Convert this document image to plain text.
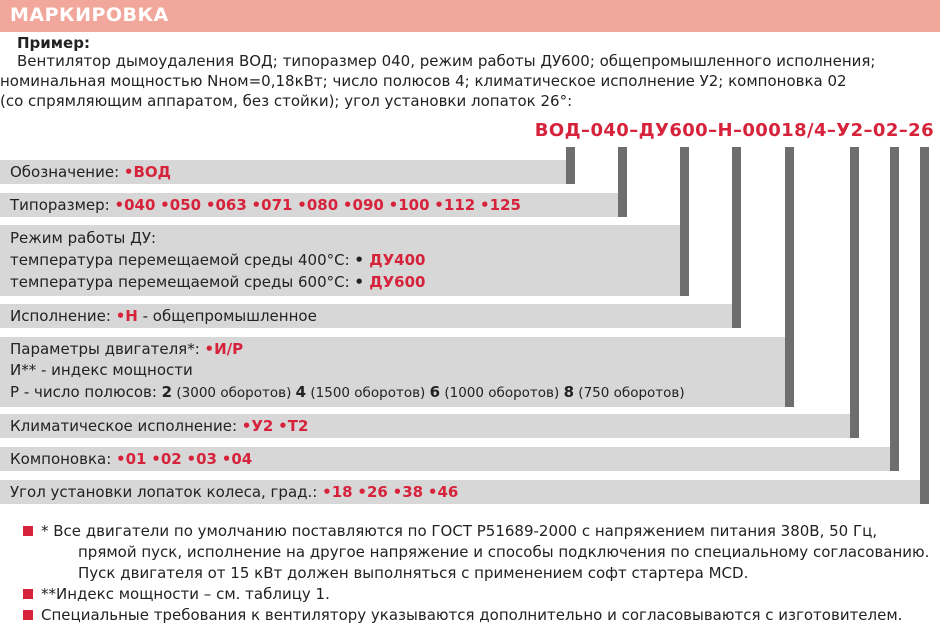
МАРКИРОВКА
Пример:

Вентилятор дымоудаления ВОД; типоразмер 040, режим работы ДУ600; общепромышленного исполнения;

номинальная мощностью Nном=0,18кВт; число полюсов 4; климатическое исполнение У2; компоновка 02
(со спрямляющим аппаратом, без стойки); угол установки лопаток 26°:
ВОД–040–ДУ600–Н–00018/4–У2–02–26
Обозначение: •ВОД
Типоразмер: •040 •050 •063 •071 •080 •090 •100 •112 •125
Режим работы ДУ:
температура перемещаемой среды 400°С: • ДУ400
температура перемещаемой среды 600°С: • ДУ600
Исполнение: •Н - общепромышленное
Параметры двигателя*: •И/Р
И** - индекс мощности
Р - число полюсов: 2 (3000 оборотов) 4 (1500 оборотов) 6 (1000 оборотов) 8 (750 оборотов)
Климатическое исполнение: •У2 •Т2
Компоновка: •01 •02 •03 •04
Угол установки лопаток колеса, град.: •18 •26 •38 •46
* Все двигатели по умолчанию поставляются по ГОСТ Р51689-2000 с напряжением питания 380В, 50 Гц,
прямой пуск, исполнение на другое напряжение и способы подключения по специальному согласованию.
Пуск двигателя от 15 кВт должен выполняться с применением софт стартера MCD.
**Индекс мощности – см. таблицу 1.
Специальные требования к вентилятору указываются дополнительно и согласовываются с изготовителем.
